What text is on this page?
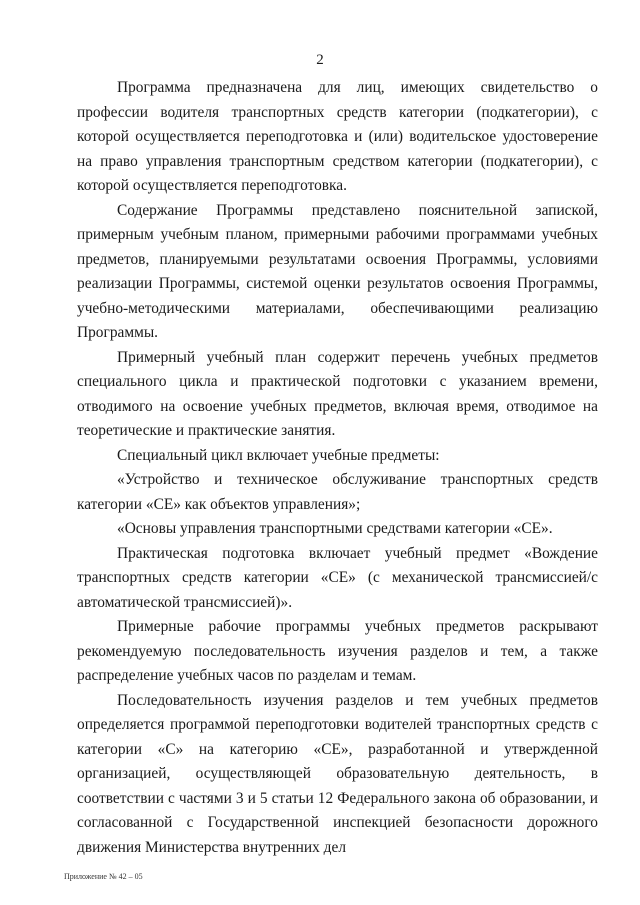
2

Программа предназначена для лиц, имеющих свидетельство о профессии водителя транспортных средств категории (подкатегории), с которой осуществляется переподготовка и (или) водительское удостоверение на право управления транспортным средством категории (подкатегории), с которой осуществляется переподготовка.

Содержание Программы представлено пояснительной запиской, примерным учебным планом, примерными рабочими программами учебных предметов, планируемыми результатами освоения Программы, условиями реализации Программы, системой оценки результатов освоения Программы, учебно-методическими материалами, обеспечивающими реализацию Программы.

Примерный учебный план содержит перечень учебных предметов специального цикла и практической подготовки с указанием времени, отводимого на освоение учебных предметов, включая время, отводимое на теоретические и практические занятия.

Специальный цикл включает учебные предметы:

«Устройство и техническое обслуживание транспортных средств категории «CE» как объектов управления»;

«Основы управления транспортными средствами категории «CE».

Практическая подготовка включает учебный предмет «Вождение транспортных средств категории «CE» (с механической трансмиссией/с автоматической трансмиссией)».

Примерные рабочие программы учебных предметов раскрывают рекомендуемую последовательность изучения разделов и тем, а также распределение учебных часов по разделам и темам.

Последовательность изучения разделов и тем учебных предметов определяется программой переподготовки водителей транспортных средств с категории «C» на категорию «CE», разработанной и утвержденной организацией, осуществляющей образовательную деятельность, в соответствии с частями 3 и 5 статьи 12 Федерального закона об образовании, и согласованной с Государственной инспекцией безопасности дорожного движения Министерства внутренних дел

Приложение № 42 – 05
